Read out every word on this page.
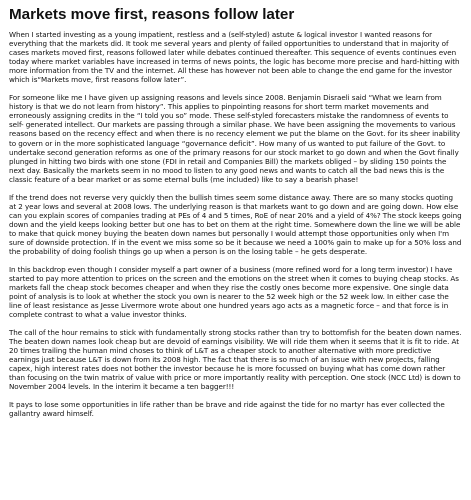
Markets move first, reasons follow later

When I started investing as a young impatient, restless and a (self-styled) astute & logical investor I wanted reasons for everything that the markets did. It took me several years and plenty of failed opportunities to understand that in majority of cases markets moved first, reasons followed later while debates continued thereafter. This sequence of events continues even today where market variables have increased in terms of news points, the logic has become more precise and hard-hitting with more information from the TV and the internet. All these has however not been able to change the end game for the investor which is“Markets move, first reasons follow later”.

For someone like me I have given up assigning reasons and levels since 2008. Benjamin Disraeli said “What we learn from history is that we do not learn from history”. This applies to pinpointing reasons for short term market movements and erroneously assigning credits in the “I told you so” mode. These self-styled forecasters mistake the randomness of events to self- generated intellect. Our markets are passing through a similar phase. We have been assigning the movements to various reasons based on the recency effect and when there is no recency element we put the blame on the Govt. for its sheer inability to govern or in the more sophisticated language “governance deficit”. How many of us wanted to put failure of the Govt. to undertake second generation reforms as one of the primary reasons for our stock market to go down and when the Govt finally plunged in hitting two birds with one stone (FDI in retail and Companies Bill) the markets obliged – by sliding 150 points the next day. Basically the markets seem in no mood to listen to any good news and wants to catch all the bad news this is the classic feature of a bear market or as some eternal bulls (me included) like to say a bearish phase!

If the trend does not reverse very quickly then the bullish times seem some distance away. There are so many stocks quoting at 2 year lows and several at 2008 lows. The underlying reason is that markets want to go down and are going down. How else can you explain scores of companies trading at PEs of 4 and 5 times, RoE of near 20% and a yield of 4%? The stock keeps going down and the yield keeps looking better but one has to bet on them at the right time. Somewhere down the line we will be able to make that quick money buying the beaten down names but personally I would attempt those opportunities only when I'm sure of downside protection. If in the event we miss some so be it because we need a 100% gain to make up for a 50% loss and the probability of doing foolish things go up when a person is on the losing table – he gets desperate.

In this backdrop even though I consider myself a part owner of a business (more refined word for a long term investor) I have started to pay more attention to prices on the screen and the emotions on the street when it comes to buying cheap stocks. As markets fall the cheap stock becomes cheaper and when they rise the costly ones become more expensive. One single data point of analysis is to look at whether the stock you own is nearer to the 52 week high or the 52 week low. In either case the line of least resistance as Jesse Livermore wrote about one hundred years ago acts as a magnetic force – and that force is in complete contrast to what a value investor thinks.

The call of the hour remains to stick with fundamentally strong stocks rather than try to bottomfish for the beaten down names. The beaten down names look cheap but are devoid of earnings visibility. We will ride them when it seems that it is fit to ride. At 20 times trailing the human mind choses to think of L&T as a cheaper stock to another alternative with more predictive earnings just because L&T is down from its 2008 high. The fact that there is so much of an issue with new projects, falling capex, high interest rates does not bother the investor because he is more focussed on buying what has come down rather than focusing on the twin matrix of value with price or more importantly reality with perception. One stock (NCC Ltd) is down to November 2004 levels. In the interim it became a ten bagger!!!

It pays to lose some opportunities in life rather than be brave and ride against the tide for no martyr has ever collected the gallantry award himself.
